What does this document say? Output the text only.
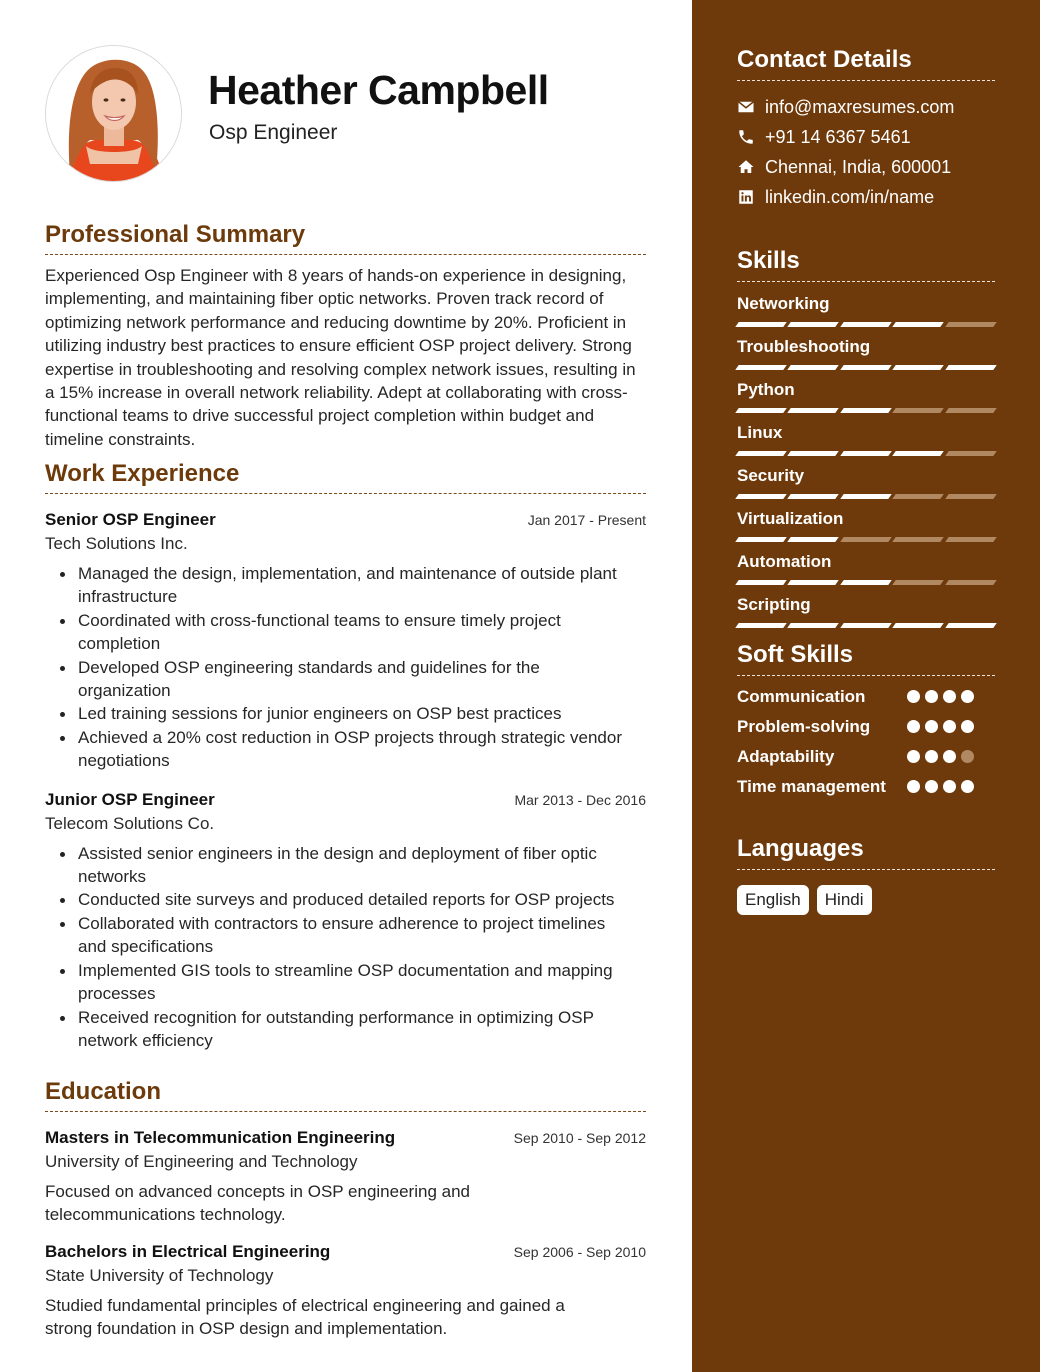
Heather Campbell
Osp Engineer
Professional Summary

Experienced Osp Engineer with 8 years of hands-on experience in designing, implementing, and maintaining fiber optic networks. Proven track record of optimizing network performance and reducing downtime by 20%. Proficient in utilizing industry best practices to ensure efficient OSP project delivery. Strong expertise in troubleshooting and resolving complex network issues, resulting in a 15% increase in overall network reliability. Adept at collaborating with cross-functional teams to drive successful project completion within budget and timeline constraints.

Work Experience
Senior OSP Engineer	Jan 2017 - Present
Tech Solutions Inc.
Managed the design, implementation, and maintenance of outside plant infrastructure
Coordinated with cross-functional teams to ensure timely project completion
Developed OSP engineering standards and guidelines for the organization
Led training sessions for junior engineers on OSP best practices
Achieved a 20% cost reduction in OSP projects through strategic vendor negotiations
Junior OSP Engineer	Mar 2013 - Dec 2016
Telecom Solutions Co.
Assisted senior engineers in the design and deployment of fiber optic networks
Conducted site surveys and produced detailed reports for OSP projects
Collaborated with contractors to ensure adherence to project timelines and specifications
Implemented GIS tools to streamline OSP documentation and mapping processes
Received recognition for outstanding performance in optimizing OSP network efficiency
Education
Masters in Telecommunication Engineering	Sep 2010 - Sep 2012
University of Engineering and Technology

Focused on advanced concepts in OSP engineering and telecommunications technology.

Bachelors in Electrical Engineering	Sep 2006 - Sep 2010
State University of Technology

Studied fundamental principles of electrical engineering and gained a strong foundation in OSP design and implementation.

Contact Details
info@maxresumes.com
+91 14 6367 5461
Chennai, India, 600001
linkedin.com/in/name
Skills
Networking
Troubleshooting
Python
Linux
Security
Virtualization
Automation
Scripting
Soft Skills
Communication
Problem-solving
Adaptability
Time management
Languages
English	Hindi
